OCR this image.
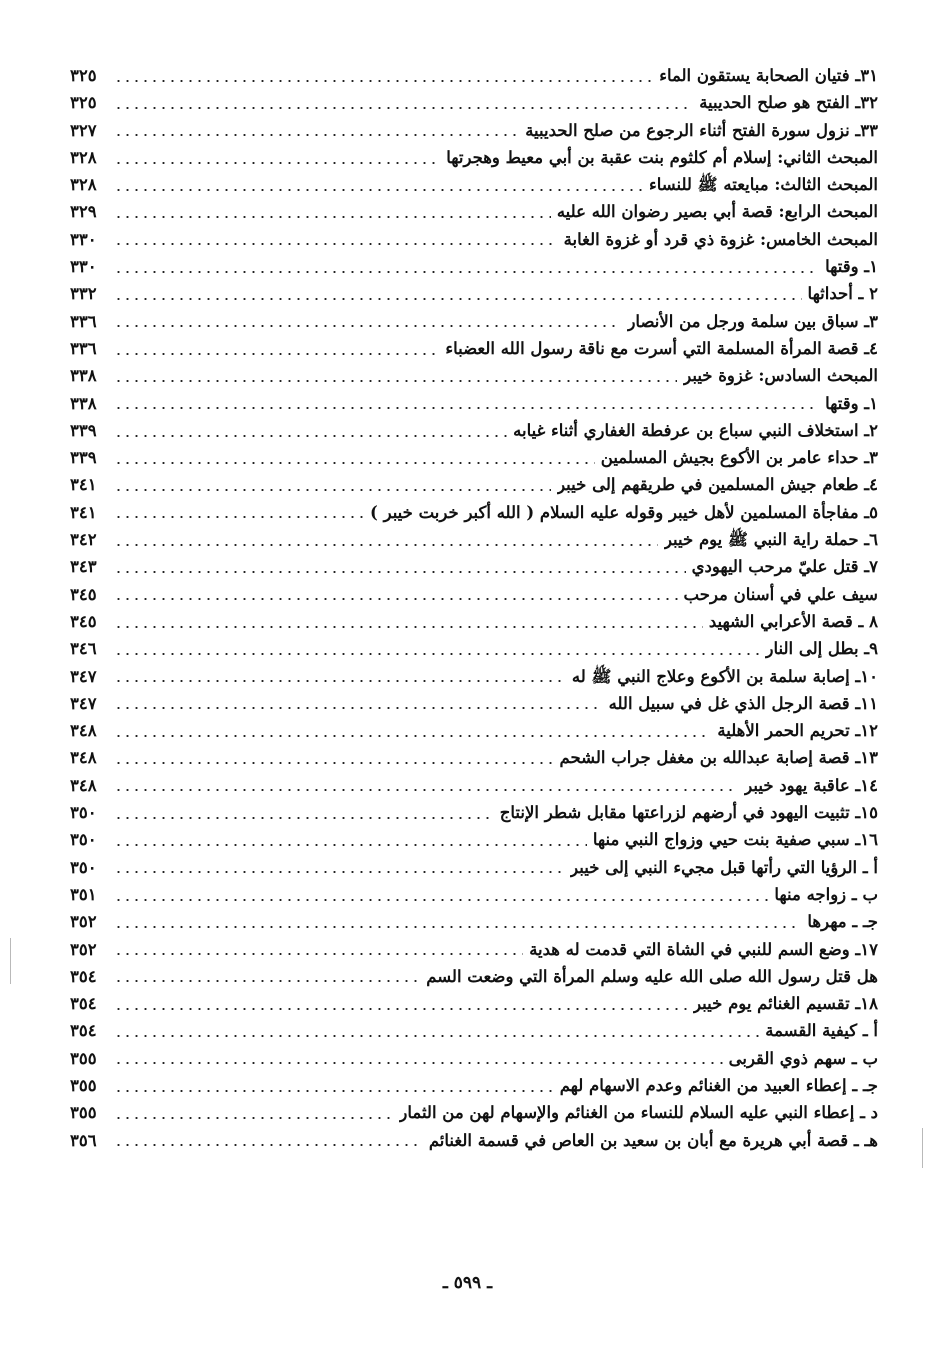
٣١ـ فتيان الصحابة يستقون الماء
٣٢٥
٣٢ـ الفتح هو صلح الحديبية
٣٢٥
٣٣ـ نزول سورة الفتح أثناء الرجوع من صلح الحديبية
٣٢٧
المبحث الثاني: إسلام أم كلثوم بنت عقبة بن أبي معيط وهجرتها
٣٢٨
المبحث الثالث: مبايعته ﷺ للنساء
٣٢٨
المبحث الرابع: قصة أبي بصير رضوان الله عليه
٣٢٩
المبحث الخامس: غزوة ذي قرد أو غزوة الغابة
٣٣٠
١ـ وقتها
٣٣٠
٢ ـ أحداثها
٣٣٢
٣ـ سباق بين سلمة ورجل من الأنصار
٣٣٦
٤ـ قصة المرأة المسلمة التي أسرت مع ناقة رسول الله العضباء
٣٣٦
المبحث السادس: غزوة خيبر
٣٣٨
١ـ وقتها
٣٣٨
٢ـ استخلاف النبي سباع بن عرفطة الغفاري أثناء غيابه
٣٣٩
٣ـ حداء عامر بن الأكوع بجيش المسلمين
٣٣٩
٤ـ طعام جيش المسلمين في طريقهم إلى خيبر
٣٤١
٥ـ مفاجأة المسلمين لأهل خيبر وقوله عليه السلام ( الله أكبر خربت خيبر )
٣٤١
٦ـ حملة راية النبي ﷺ يوم خيبر
٣٤٢
٧ـ قتل عليّ مرحب اليهودي
٣٤٣
سيف علي في أسنان مرحب
٣٤٥
٨ ـ قصة الأعرابي الشهيد
٣٤٥
٩ـ بطل إلى النار
٣٤٦
١٠ـ إصابة سلمة بن الأكوع وعلاج النبي ﷺ له
٣٤٧
١١ـ قصة الرجل الذي غل في سبيل الله
٣٤٧
١٢ـ تحريم الحمر الأهلية
٣٤٨
١٣ـ قصة إصابة عبدالله بن مغفل جراب الشحم
٣٤٨
١٤ـ عاقبة يهود خيبر
٣٤٨
١٥ـ تثبيت اليهود في أرضهم لزراعتها مقابل شطر الإنتاج
٣٥٠
١٦ـ سبي صفية بنت حيي وزواج النبي منها
٣٥٠
أ ـ الرؤيا التي رأتها قبل مجيء النبي إلى خيبر
٣٥٠
ب ـ زواجه منها
٣٥١
جـ ـ مهرها
٣٥٢
١٧ـ وضع السم للنبي في الشاة التي قدمت له هدية
٣٥٢
هل قتل رسول الله صلى الله عليه وسلم المرأة التي وضعت السم
٣٥٤
١٨ـ تقسيم الغنائم يوم خيبر
٣٥٤
أ ـ كيفية القسمة
٣٥٤
ب ـ سهم ذوي القربى
٣٥٥
جـ ـ إعطاء العبيد من الغنائم وعدم الاسهام لهم
٣٥٥
د ـ إعطاء النبي عليه السلام للنساء من الغنائم والإسهام لهن من الثمار
٣٥٥
هـ ـ قصة أبي هريرة مع أبان بن سعيد بن العاص في قسمة الغنائم
٣٥٦
ـ ٥٩٩ ـ
